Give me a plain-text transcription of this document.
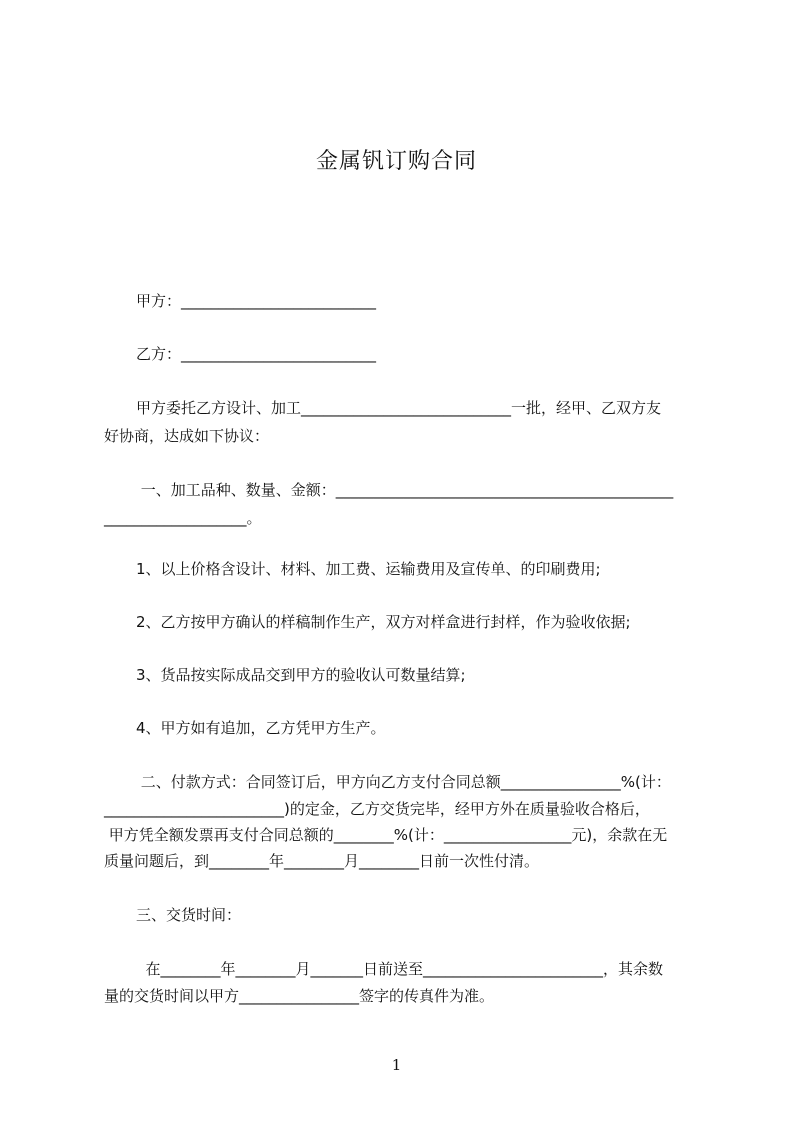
金属钒订购合同
甲方：__________________________
乙方：__________________________
甲方委托乙方设计、加工____________________________一批，经甲、乙双方友
好协商，达成如下协议：
一、加工品种、数量、金额：_____________________________________________
___________________。
1、以上价格含设计、材料、加工费、运输费用及宣传单、的印刷费用;
2、乙方按甲方确认的样稿制作生产，双方对样盒进行封样，作为验收依据;
3、货品按实际成品交到甲方的验收认可数量结算;
4、甲方如有追加，乙方凭甲方生产。
二、付款方式：合同签订后，甲方向乙方支付合同总额________________%(计：
________________________)的定金，乙方交货完毕，经甲方外在质量验收合格后，
甲方凭全额发票再支付合同总额的________%(计：_________________元)，余款在无
质量问题后，到________年________月________日前一次性付清。
三、交货时间：
在________年________月_______日前送至________________________，其余数
量的交货时间以甲方________________签字的传真件为准。
1
